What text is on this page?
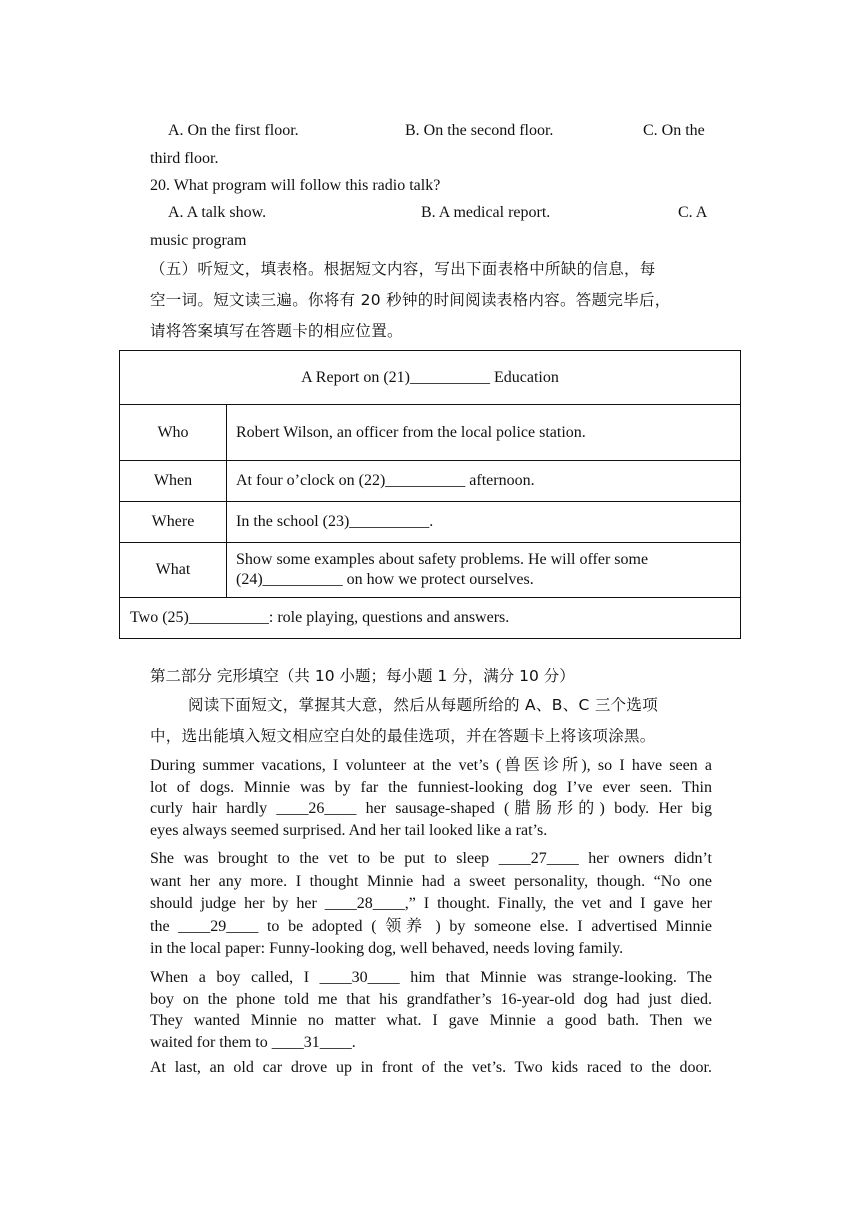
A. On the first floor.	B. On the second floor.	C. On the
third floor.
20. What program will follow this radio talk?
A. A talk show.	B. A medical report.	C. A
music program
（五）听短文，填表格。根据短文内容，写出下面表格中所缺的信息，每
空一词。短文读三遍。你将有 20 秒钟的时间阅读表格内容。答题完毕后，
请将答案填写在答题卡的相应位置。
A Report on (21)__________ Education	
Who	Robert Wilson, an officer from the local police station.
When	At four o’clock on (22)__________ afternoon.
Where	In the school (23)__________.
What	Show some examples about safety problems. He will offer some
(24)__________ on how we protect ourselves.

Two (25)__________: role playing, questions and answers.	
第二部分 完形填空（共 10 小题；每小题 1 分，满分 10 分）
阅读下面短文，掌握其大意，然后从每题所给的 A、B、C 三个选项
中，选出能填入短文相应空白处的最佳选项，并在答题卡上将该项涂黑。
During summer vacations, I volunteer at the vet’s (兽医诊所), so I have seen a
lot of dogs. Minnie was by far the funniest-looking dog I’ve ever seen. Thin
curly hair hardly ____26____ her sausage-shaped (腊肠形的) body. Her big
eyes always seemed surprised. And her tail looked like a rat’s.
She was brought to the vet to be put to sleep ____27____ her owners didn’t
want her any more. I thought Minnie had a sweet personality, though. “No one
should judge her by her ____28____,” I thought. Finally, the vet and I gave her
the ____29____ to be adopted ( 领养 ) by someone else. I advertised Minnie
in the local paper: Funny-looking dog, well behaved, needs loving family.
When a boy called, I ____30____ him that Minnie was strange-looking. The
boy on the phone told me that his grandfather’s 16-year-old dog had just died.
They wanted Minnie no matter what. I gave Minnie a good bath. Then we
waited for them to ____31____.
At last, an old car drove up in front of the vet’s. Two kids raced to the door.
